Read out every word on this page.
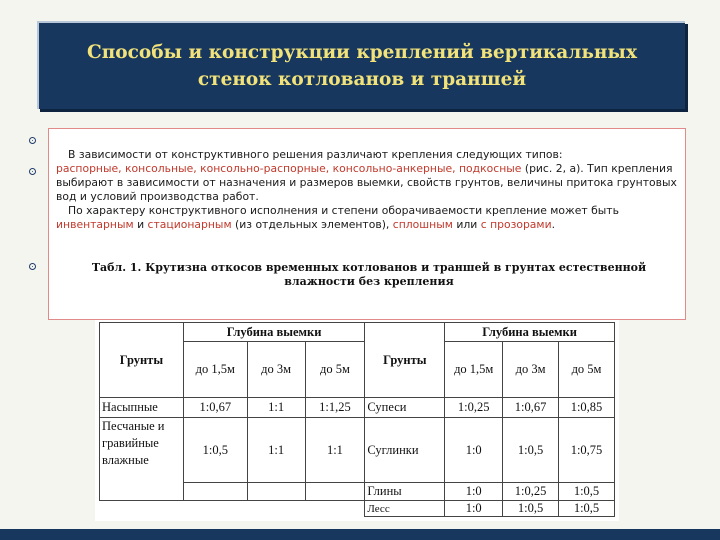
Способы и конструкции креплений вертикальных
стенок котлованов и траншей
В зависимости от конструктивного решения различают крепления следующих типов:
распорные, консольные, консольно-распорные, консольно-анкерные, подкосные (рис. 2, а). Тип крепления выбирают в зависимости от назначения и размеров выемки, свойств грунтов, величины притока грунтовых вод и условий производства работ.
По характеру конструктивного исполнения и степени оборачиваемости крепление может быть инвентарным и стационарным (из отдельных элементов), сплошным или с прозорами.
Табл. 1. Крутизна откосов временных котлованов и траншей в грунтах естественной
влажности без крепления
Грунты	Глубина выемки			Грунты	Глубина выемки		
	до 1,5м	до 3м	до 5м		до 1,5м	до 3м	до 5м
Насыпные	1:0,67	1:1	1:1,25	Супеси	1:0,25	1:0,67	1:0,85
Песчаные и гравийные влажные	1:0,5	1:1	1:1	Суглинки	1:0	1:0,5	1:0,75

				Глины	1:0	1:0,25	1:0,5
				Лесс	1:0	1:0,5	1:0,5
